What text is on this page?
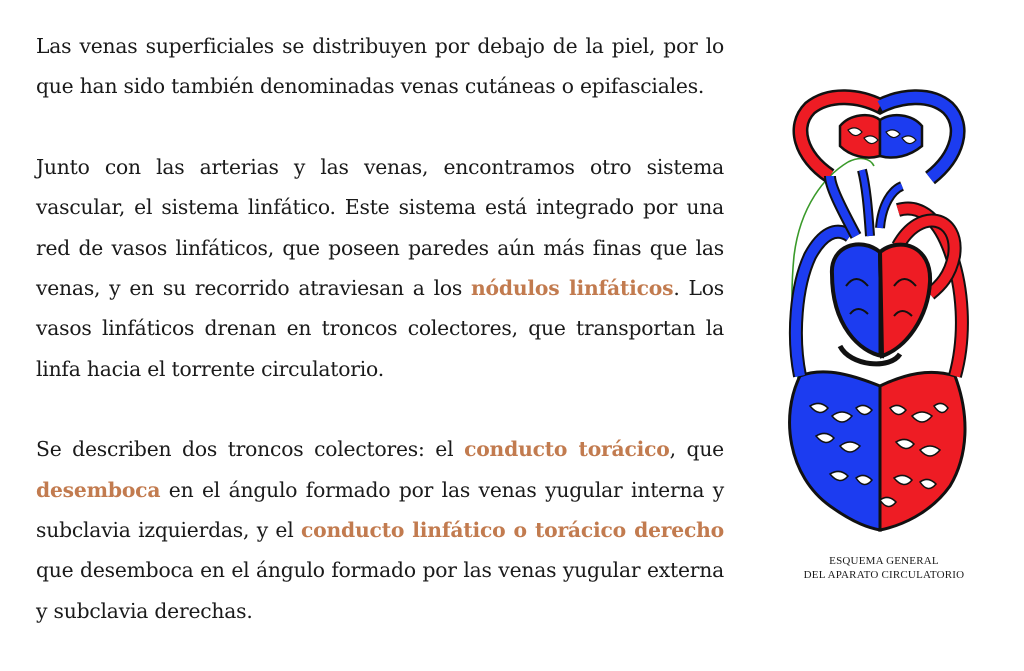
Las venas superficiales se distribuyen por debajo de la piel, por lo que han sido también denominadas venas cutáneas o epifasciales.

Junto con las arterias y las venas, encontramos otro sistema vascular, el sistema linfático. Este sistema está integrado por una red de vasos linfáticos, que poseen paredes aún más finas que las venas, y en su recorrido atraviesan a los nódulos linfáticos. Los vasos linfáticos drenan en troncos colectores, que transportan la linfa hacia el torrente circulatorio.

Se describen dos troncos colectores: el conducto torácico, que desemboca en el ángulo formado por las venas yugular interna y subclavia izquierdas, y el conducto linfático o torácico derecho que desemboca en el ángulo formado por las venas yugular externa y subclavia derechas.

ESQUEMA GENERAL
DEL APARATO CIRCULATORIO
